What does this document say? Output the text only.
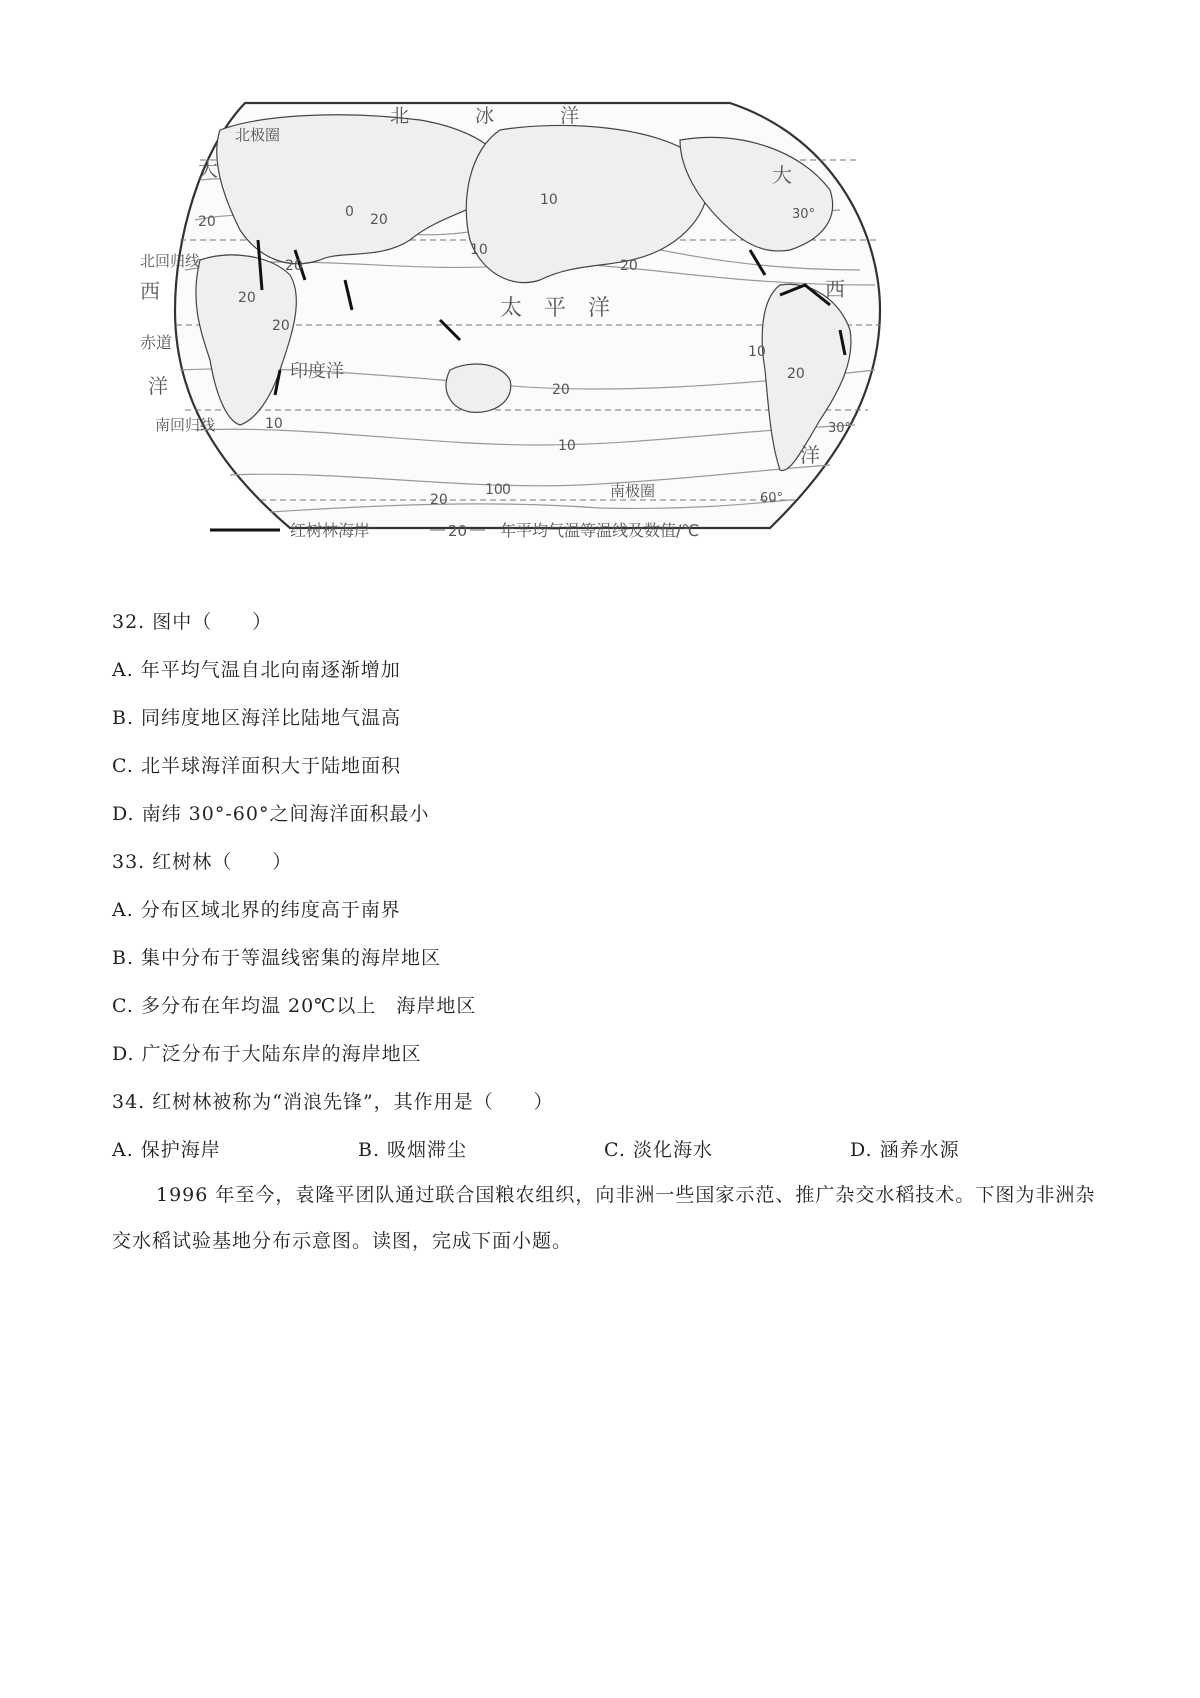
北	冰	洋
北极圈
北回归线
赤道
南回归线
南极圈
大	大
西	西
洋
洋
太　平　洋
印度洋
30°
30°
60°
20
0 20
20
10
10
20
20
20
20
10
10
20
10 0
20
10
红树林海岸	20 年平均气温等温线及数值/℃
32. 图中（　　）
A. 年平均气温自北向南逐渐增加
B. 同纬度地区海洋比陆地气温高
C. 北半球海洋面积大于陆地面积
D. 南纬 30°-60°之间海洋面积最小
33. 红树林（　　）
A. 分布区域北界的纬度高于南界
B. 集中分布于等温线密集的海岸地区
C. 多分布在年均温 20℃以上　海岸地区
D. 广泛分布于大陆东岸的海岸地区
34. 红树林被称为“消浪先锋”，其作用是（　　）
A. 保护海岸	B. 吸烟滞尘	C. 淡化海水	D. 涵养水源
1996 年至今，袁隆平团队通过联合国粮农组织，向非洲一些国家示范、推广杂交水稻技术。下图为非洲杂交水稻试验基地分布示意图。读图，完成下面小题。
